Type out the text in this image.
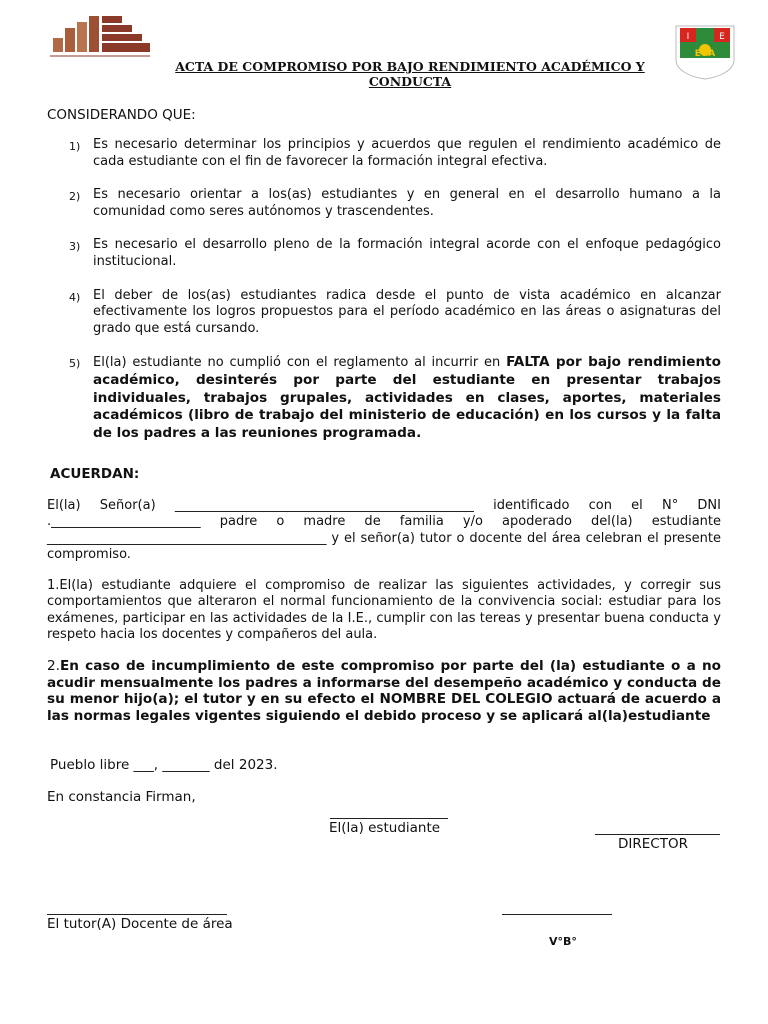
I	E
EOA
ACTA DE COMPROMISO POR BAJO RENDIMIENTO ACADÉMICO Y
CONDUCTA
CONSIDERANDO QUE:
1) Es necesario determinar los principios y acuerdos que regulen el rendimiento académico de cada estudiante con el fin de favorecer la formación integral efectiva.
2) Es necesario orientar a los(as) estudiantes y en general en el desarrollo humano a la comunidad como seres autónomos y trascendentes.
3) Es necesario el desarrollo pleno de la formación integral acorde con el enfoque pedagógico institucional.
4) El deber de los(as) estudiantes radica desde el punto de vista académico en alcanzar efectivamente los logros propuestos para el período académico en las áreas o asignaturas del grado que está cursando.
5) El(la) estudiante no cumplió con el reglamento al incurrir en FALTA por bajo rendimiento académico, desinterés por parte del estudiante en presentar trabajos individuales, trabajos grupales, actividades en clases, aportes, materiales académicos (libro de trabajo del ministerio de educación) en los cursos y la falta de los padres a las reuniones programada.
ACUERDAN:
El(la) Señor(a) ______________________________________________ identificado con el N° DNI ._______________________ padre o madre de familia y/o apoderado del(la) estudiante ___________________________________________ y el señor(a) tutor o docente del área celebran el presente compromiso.
1.El(la) estudiante adquiere el compromiso de realizar las siguientes actividades, y corregir sus comportamientos que alteraron el normal funcionamiento de la convivencia social: estudiar para los exámenes, participar en las actividades de la I.E., cumplir con las tereas y presentar buena conducta y respeto hacia los docentes y compañeros del aula.
2.En caso de incumplimiento de este compromiso por parte del (la) estudiante o a no acudir mensualmente los padres a informarse del desempeño académico y conducta de su menor hijo(a); el tutor y en su efecto el NOMBRE DEL COLEGIO actuará de acuerdo a las normas legales vigentes siguiendo el debido proceso y se aplicará al(la)estudiante
Pueblo libre ___, _______ del 2023.
En constancia Firman,
El(la) estudiante
DIRECTOR
El tutor(A) Docente de área
V°B°
